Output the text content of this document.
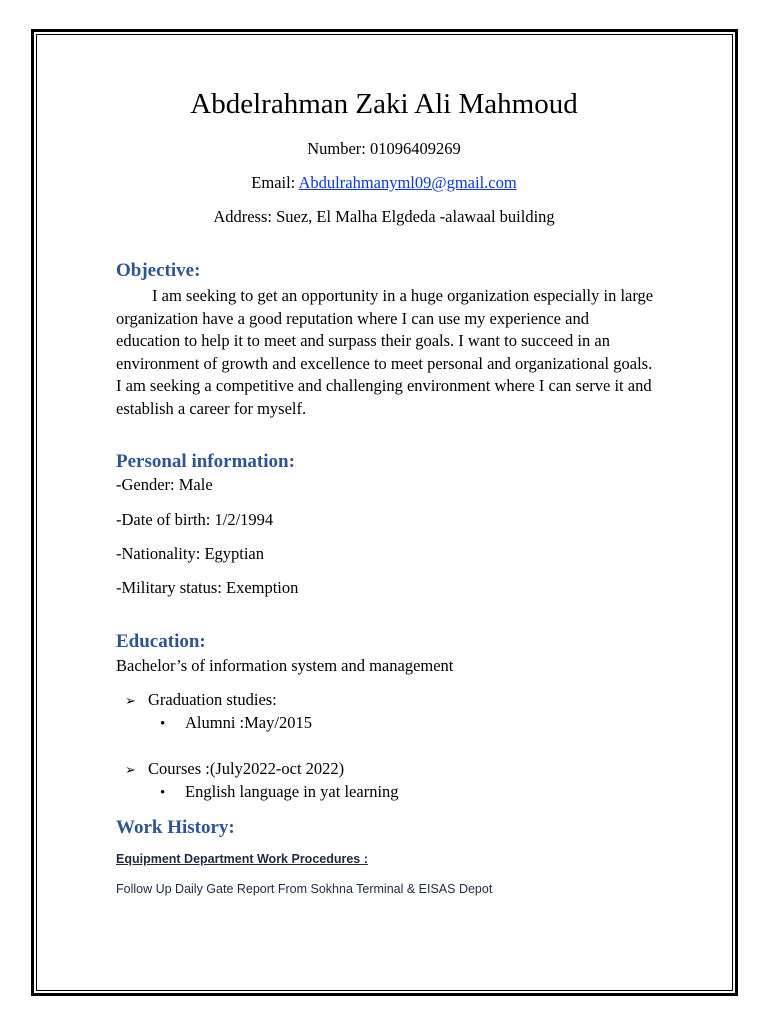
Abdelrahman Zaki Ali Mahmoud
Number: 01096409269
Email: Abdulrahmanyml09@gmail.com
Address: Suez, El Malha Elgdeda -alawaal building
Objective:
I am seeking to get an opportunity in a huge organization especially in large organization have a good reputation where I can use my experience and education to help it to meet and surpass their goals. I want to succeed in an environment of growth and excellence to meet personal and organizational goals. I am seeking a competitive and challenging environment where I can serve it and establish a career for myself.
Personal information:
-Gender: Male
-Date of birth: 1/2/1994
-Nationality: Egyptian
-Military status: Exemption
Education:
Bachelor’s of information system and management
➢ Graduation studies:
• Alumni :May/2015
➢ Courses :(July2022-oct 2022)
• English language in yat learning
Work History:
Equipment Department Work Procedures :
Follow Up Daily Gate Report From Sokhna Terminal & EISAS Depot
